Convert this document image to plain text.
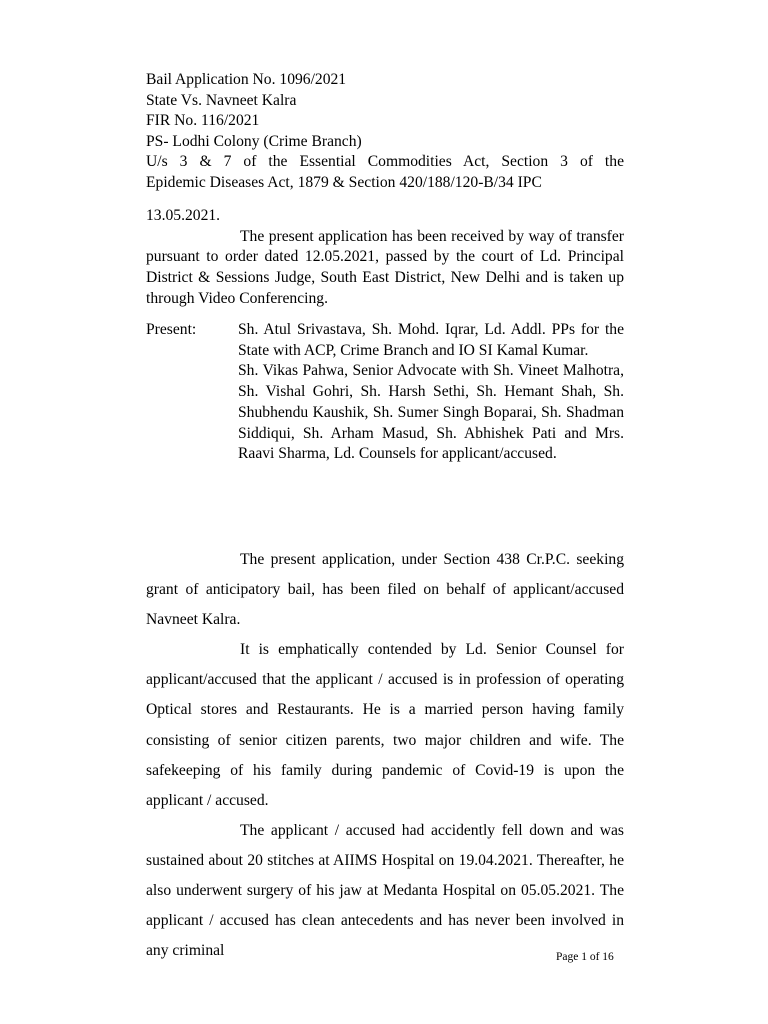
Bail Application No. 1096/2021
State Vs. Navneet Kalra
FIR No. 116/2021
PS- Lodhi Colony (Crime Branch)
U/s 3 & 7 of the Essential Commodities Act, Section 3 of the
Epidemic Diseases Act, 1879 & Section 420/188/120-B/34 IPC
13.05.2021.
The present application has been received by way of transfer pursuant to order dated 12.05.2021, passed by the court of Ld. Principal District & Sessions Judge, South East District, New Delhi and is taken up through Video Conferencing.
Present:	Sh. Atul Srivastava, Sh. Mohd. Iqrar, Ld. Addl. PPs for the State with ACP, Crime Branch and IO SI Kamal Kumar.
Sh. Vikas Pahwa, Senior Advocate with Sh. Vineet Malhotra, Sh. Vishal Gohri, Sh. Harsh Sethi, Sh. Hemant Shah, Sh. Shubhendu Kaushik, Sh. Sumer Singh Boparai, Sh. Shadman Siddiqui, Sh. Arham Masud, Sh. Abhishek Pati and Mrs. Raavi Sharma, Ld. Counsels for applicant/accused.
The present application, under Section 438 Cr.P.C. seeking grant of anticipatory bail, has been filed on behalf of applicant/accused Navneet Kalra.
It is emphatically contended by Ld. Senior Counsel for applicant/accused that the applicant / accused is in profession of operating Optical stores and Restaurants. He is a married person having family consisting of senior citizen parents, two major children and wife. The safekeeping of his family during pandemic of Covid-19 is upon the applicant / accused.
The applicant / accused had accidently fell down and was sustained about 20 stitches at AIIMS Hospital on 19.04.2021. Thereafter, he also underwent surgery of his jaw at Medanta Hospital on 05.05.2021. The applicant / accused has clean antecedents and has never been involved in any criminal	Page 1 of 16
